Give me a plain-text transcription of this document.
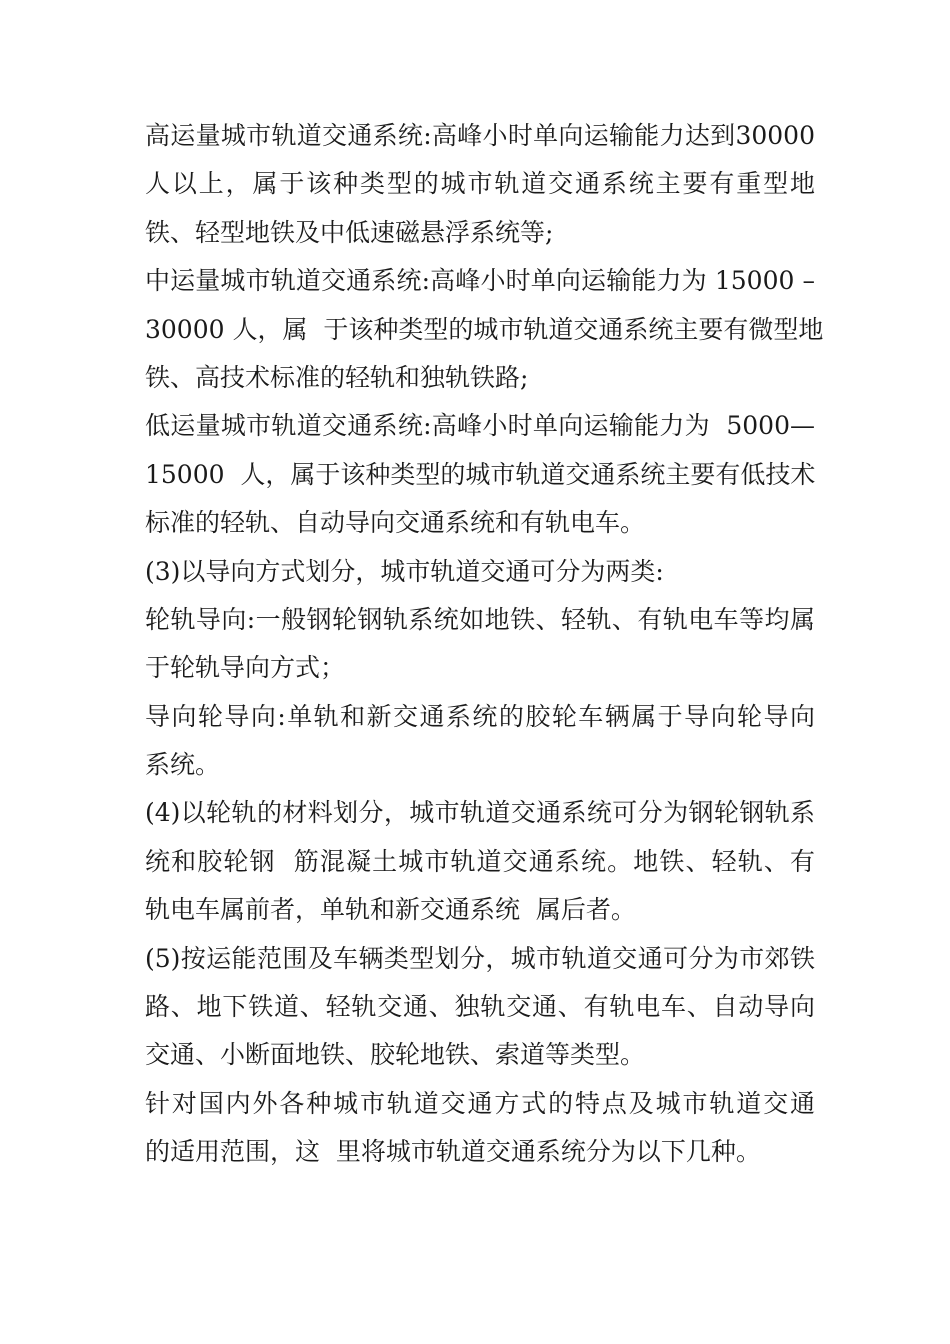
高运量城市轨道交通系统:高峰小时单向运输能力达到30000
人以上，属于该种类型的城市轨道交通系统主要有重型地
铁、轻型地铁及中低速磁悬浮系统等;
中运量城市轨道交通系统:高峰小时单向运输能力为 15000 –
30000 人，属  于该种类型的城市轨道交通系统主要有微型地
铁、高技术标准的轻轨和独轨铁路;
低运量城市轨道交通系统:高峰小时单向运输能力为  5000—
15000  人，属于该种类型的城市轨道交通系统主要有低技术
标准的轻轨、自动导向交通系统和有轨电车。
(3)以导向方式划分，城市轨道交通可分为两类:
轮轨导向:一般钢轮钢轨系统如地铁、轻轨、有轨电车等均属
于轮轨导向方式；
导向轮导向:单轨和新交通系统的胶轮车辆属于导向轮导向
系统。
(4)以轮轨的材料划分，城市轨道交通系统可分为钢轮钢轨系
统和胶轮钢  筋混凝土城市轨道交通系统。地铁、轻轨、有
轨电车属前者，单轨和新交通系统  属后者。
(5)按运能范围及车辆类型划分，城市轨道交通可分为市郊铁
路、地下铁道、轻轨交通、独轨交通、有轨电车、自动导向
交通、小断面地铁、胶轮地铁、索道等类型。
针对国内外各种城市轨道交通方式的特点及城市轨道交通
的适用范围，这  里将城市轨道交通系统分为以下几种。
